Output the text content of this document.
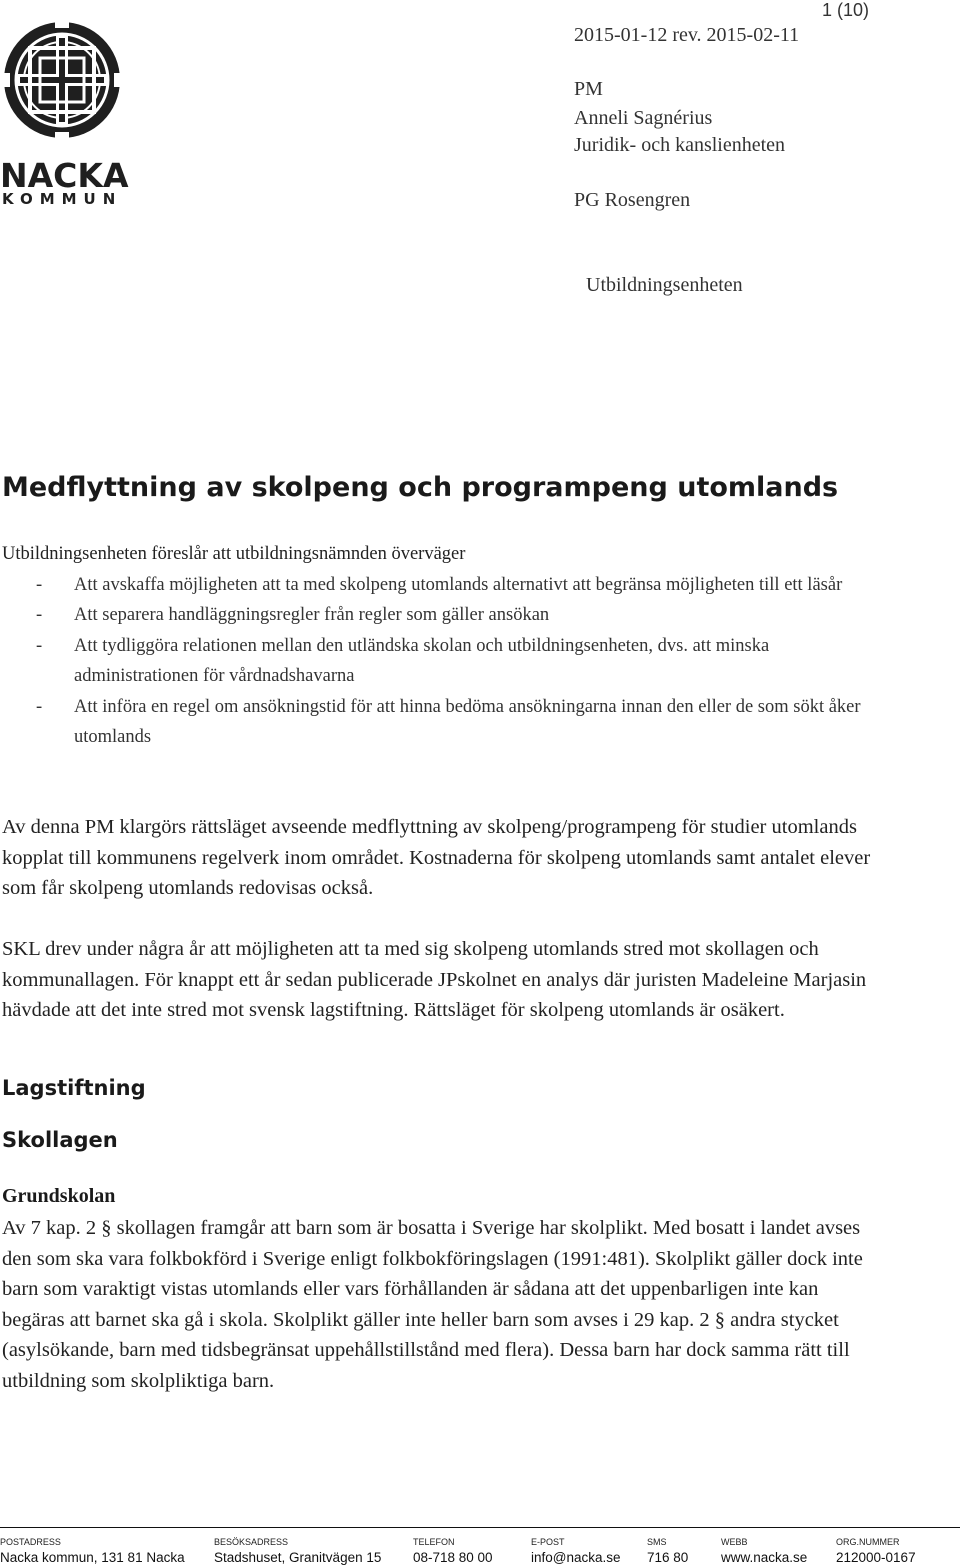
NACKA
KOMMUN
1 (10)
2015-01-12 rev. 2015-02-11
PM
Anneli Sagnérius
Juridik- och kanslienheten
PG Rosengren
Utbildningsenheten
Medflyttning av skolpeng och programpeng utomlands
Utbildningsenheten föreslår att utbildningsnämnden överväger
- Att avskaffa möjligheten att ta med skolpeng utomlands alternativt att begränsa möjligheten till ett läsår
- Att separera handläggningsregler från regler som gäller ansökan
- Att tydliggöra relationen mellan den utländska skolan och utbildningsenheten, dvs. att minska administrationen för vårdnadshavarna
- Att införa en regel om ansökningstid för att hinna bedöma ansökningarna innan den eller de som sökt åker utomlands
Av denna PM klargörs rättsläget avseende medflyttning av skolpeng/programpeng för studier utomlands kopplat till kommunens regelverk inom området. Kostnaderna för skolpeng utomlands samt antalet elever som får skolpeng utomlands redovisas också.
SKL drev under några år att möjligheten att ta med sig skolpeng utomlands stred mot skollagen och kommunallagen. För knappt ett år sedan publicerade JPskolnet en analys där juristen Madeleine Marjasin hävdade att det inte stred mot svensk lagstiftning. Rättsläget för skolpeng utomlands är osäkert.
Lagstiftning
Skollagen
Grundskolan
Av 7 kap. 2 § skollagen framgår att barn som är bosatta i Sverige har skolplikt. Med bosatt i landet avses den som ska vara folkbokförd i Sverige enligt folkbokföringslagen (1991:481). Skolplikt gäller dock inte barn som varaktigt vistas utomlands eller vars förhållanden är sådana att det uppenbarligen inte kan begäras att barnet ska gå i skola. Skolplikt gäller inte heller barn som avses i 29 kap. 2 § andra stycket (asylsökande, barn med tidsbegränsat uppehållstillstånd med flera). Dessa barn har dock samma rätt till utbildning som skolpliktiga barn.
POSTADRESS
Nacka kommun, 131 81 Nacka
BESÖKSADRESS
Stadshuset, Granitvägen 15
TELEFON
08-718 80 00
E-POST
info@nacka.se
SMS
716 80
WEBB
www.nacka.se
ORG.NUMMER
212000-0167
